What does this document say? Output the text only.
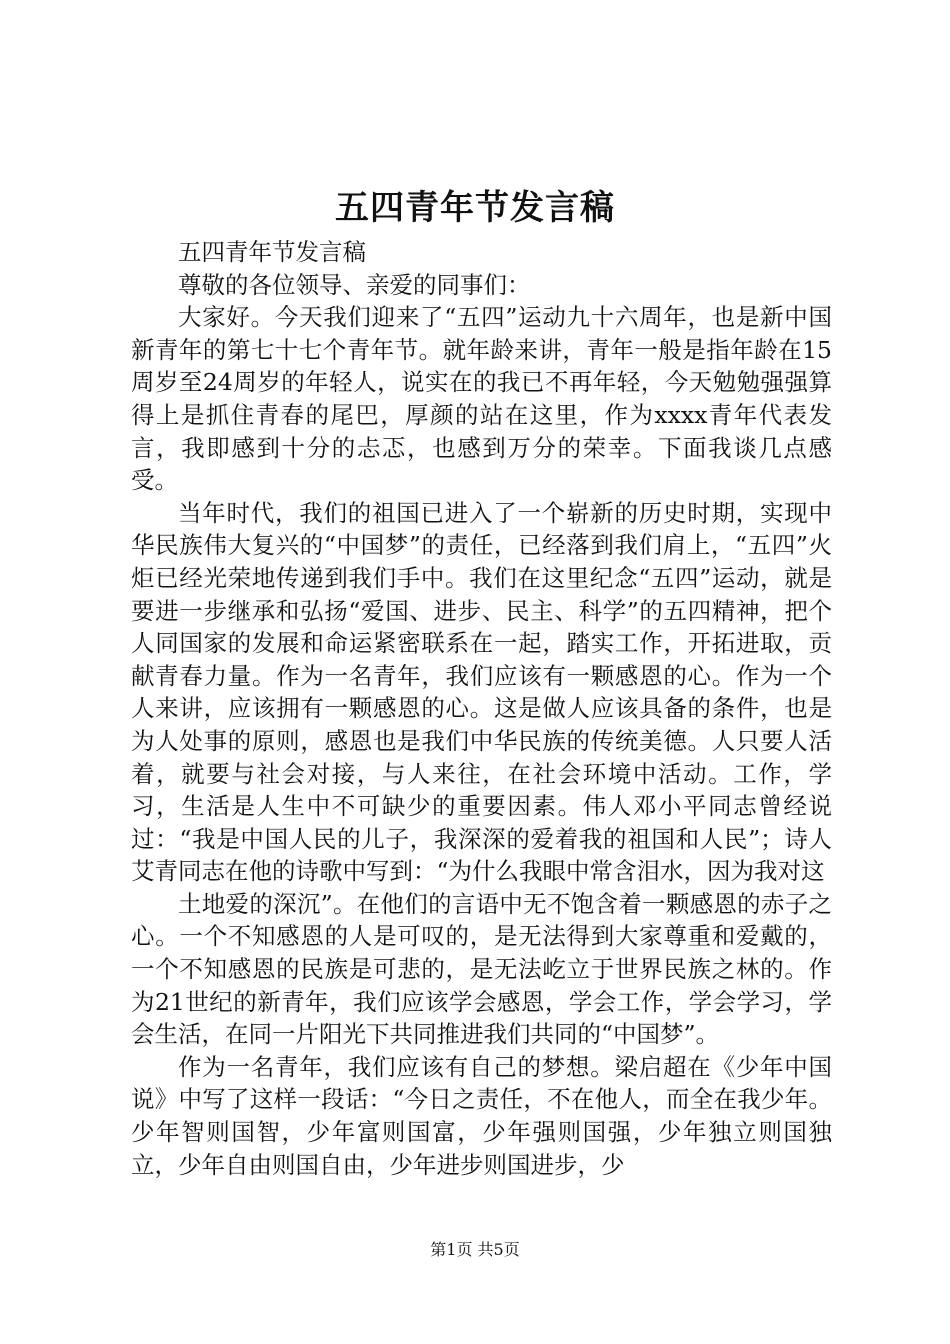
五四青年节发言稿

五四青年节发言稿

尊敬的各位领导、亲爱的同事们：

大家好。今天我们迎来了“五四”运动九十六周年，也是新中国新青年的第七十七个青年节。就年龄来讲，青年一般是指年龄在15周岁至24周岁的年轻人，说实在的我已不再年轻，今天勉勉强强算得上是抓住青春的尾巴，厚颜的站在这里，作为xxxx青年代表发言，我即感到十分的忐忑，也感到万分的荣幸。下面我谈几点感受。

当年时代，我们的祖国已进入了一个崭新的历史时期，实现中华民族伟大复兴的“中国梦”的责任，已经落到我们肩上，“五四”火炬已经光荣地传递到我们手中。我们在这里纪念“五四”运动，就是要进一步继承和弘扬“爱国、进步、民主、科学”的五四精神，把个人同国家的发展和命运紧密联系在一起，踏实工作，开拓进取，贡献青春力量。作为一名青年，我们应该有一颗感恩的心。作为一个人来讲，应该拥有一颗感恩的心。这是做人应该具备的条件，也是为人处事的原则，感恩也是我们中华民族的传统美德。人只要人活着，就要与社会对接，与人来往，在社会环境中活动。工作，学习，生活是人生中不可缺少的重要因素。伟人邓小平同志曾经说过：“我是中国人民的儿子，我深深的爱着我的祖国和人民”；诗人艾青同志在他的诗歌中写到：“为什么我眼中常含泪水，因为我对这

土地爱的深沉”。在他们的言语中无不饱含着一颗感恩的赤子之心。一个不知感恩的人是可叹的，是无法得到大家尊重和爱戴的，一个不知感恩的民族是可悲的，是无法屹立于世界民族之林的。作为21世纪的新青年，我们应该学会感恩，学会工作，学会学习，学会生活，在同一片阳光下共同推进我们共同的“中国梦”。

作为一名青年，我们应该有自己的梦想。梁启超在《少年中国说》中写了这样一段话：“今日之责任，不在他人，而全在我少年。少年智则国智，少年富则国富，少年强则国强，少年独立则国独立，少年自由则国自由，少年进步则国进步，少

第1页 共5页
